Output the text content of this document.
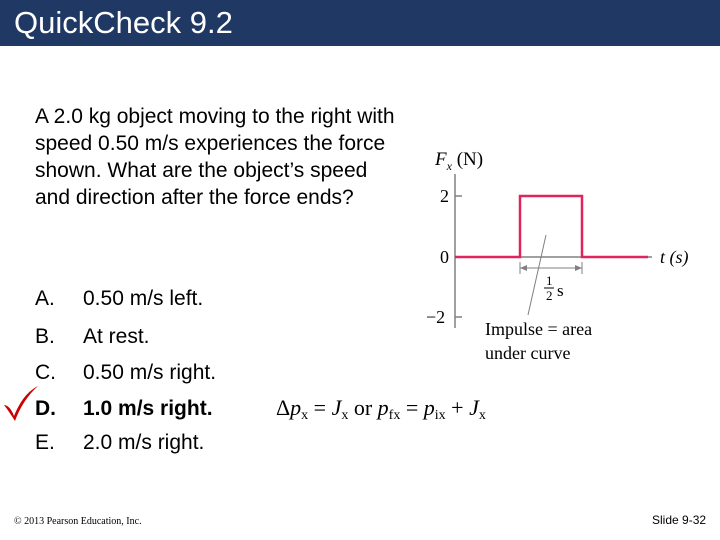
QuickCheck 9.2

A 2.0 kg object moving to the right with speed 0.50 m/s experiences the force shown. What are the object’s speed and direction after the force ends?

A. 0.50 m/s left.
B. At rest.
C. 0.50 m/s right.
D. 1.0 m/s right.
E. 2.0 m/s right.
$F_x$ (N)
2
0
−2
t (s)
1
2 s
Impulse = area
under curve
$\Delta p_x = J_x$ or $p_{fx} = p_{ix} + J_x$
© 2013 Pearson Education, Inc.	Slide 9-32
